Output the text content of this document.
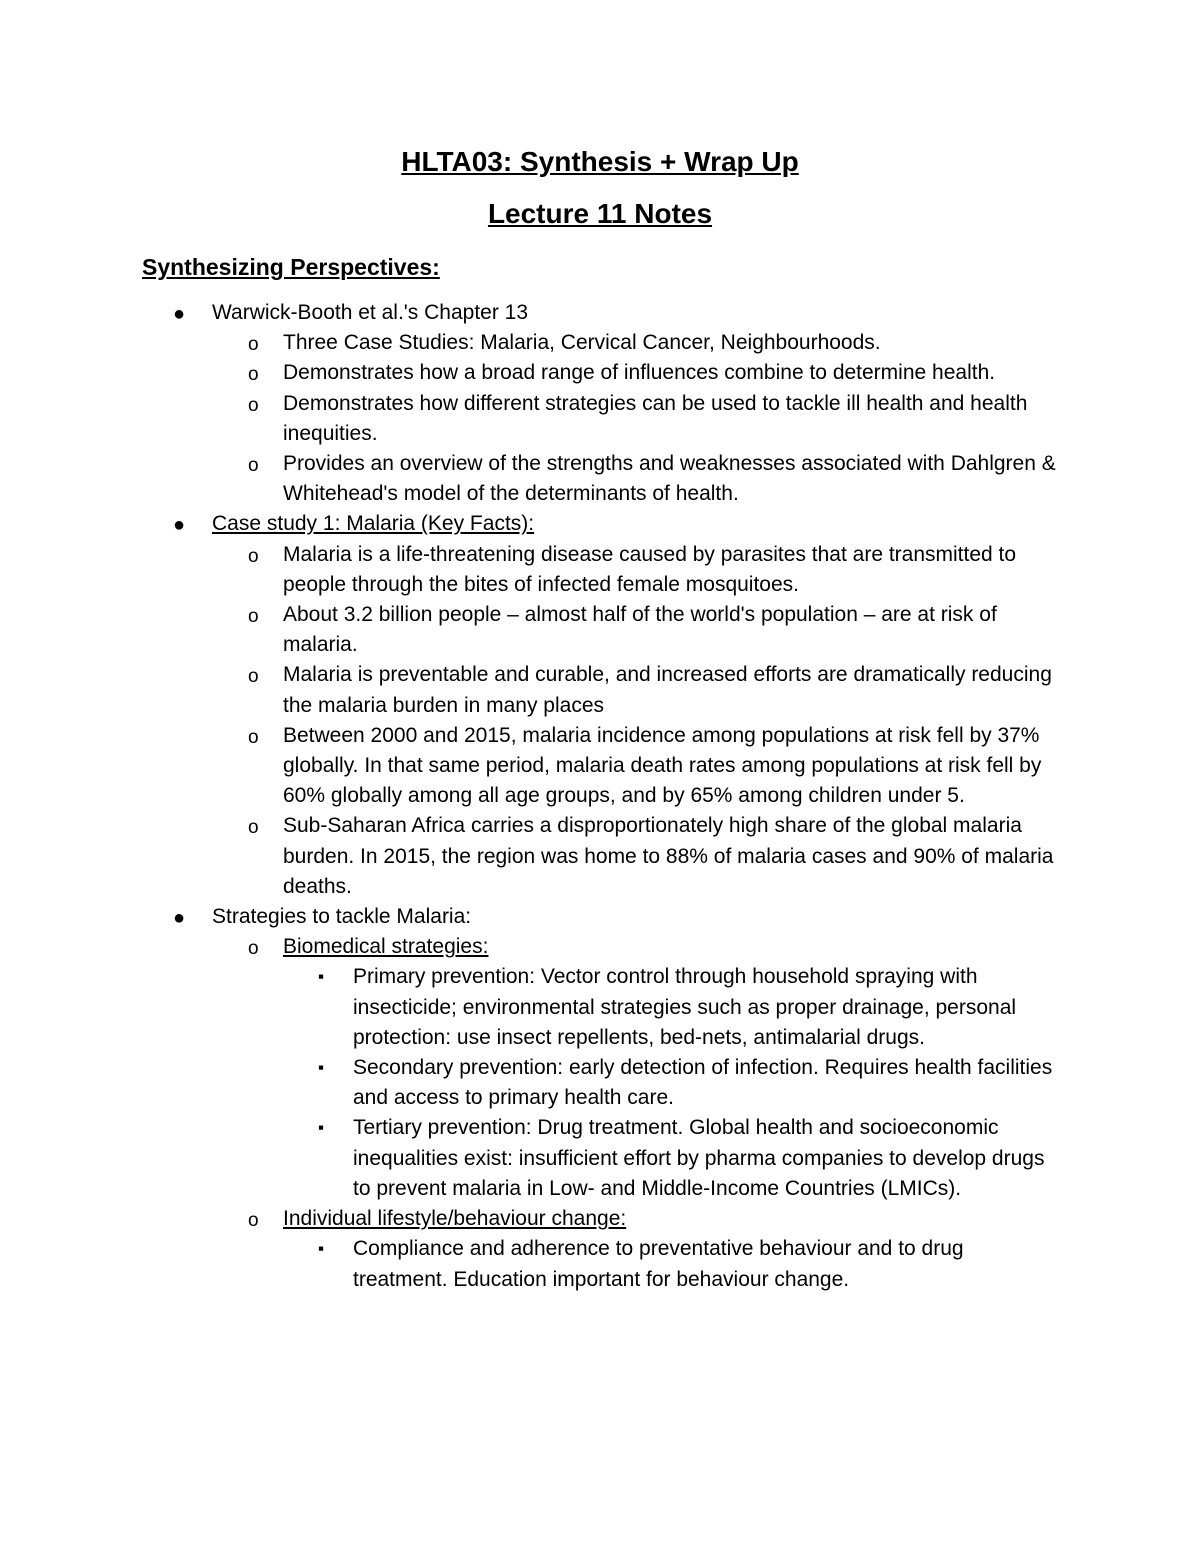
HLTA03: Synthesis + Wrap Up
Lecture 11 Notes
Synthesizing Perspectives:
● Warwick-Booth et al.'s Chapter 13
o Three Case Studies: Malaria, Cervical Cancer, Neighbourhoods.
o Demonstrates how a broad range of influences combine to determine health.
o Demonstrates how different strategies can be used to tackle ill health and health inequities.
o Provides an overview of the strengths and weaknesses associated with Dahlgren & Whitehead's model of the determinants of health.
● Case study 1: Malaria (Key Facts):
o Malaria is a life-threatening disease caused by parasites that are transmitted to people through the bites of infected female mosquitoes.
o About 3.2 billion people – almost half of the world's population – are at risk of malaria.
o Malaria is preventable and curable, and increased efforts are dramatically reducing the malaria burden in many places
o Between 2000 and 2015, malaria incidence among populations at risk fell by 37% globally. In that same period, malaria death rates among populations at risk fell by 60% globally among all age groups, and by 65% among children under 5.
o Sub-Saharan Africa carries a disproportionately high share of the global malaria burden. In 2015, the region was home to 88% of malaria cases and 90% of malaria deaths.
● Strategies to tackle Malaria:
o Biomedical strategies:
▪ Primary prevention: Vector control through household spraying with insecticide; environmental strategies such as proper drainage, personal protection: use insect repellents, bed-nets, antimalarial drugs.
▪ Secondary prevention: early detection of infection. Requires health facilities and access to primary health care.
▪ Tertiary prevention: Drug treatment. Global health and socioeconomic inequalities exist: insufficient effort by pharma companies to develop drugs to prevent malaria in Low- and Middle-Income Countries (LMICs).
o Individual lifestyle/behaviour change:
▪ Compliance and adherence to preventative behaviour and to drug treatment. Education important for behaviour change.
